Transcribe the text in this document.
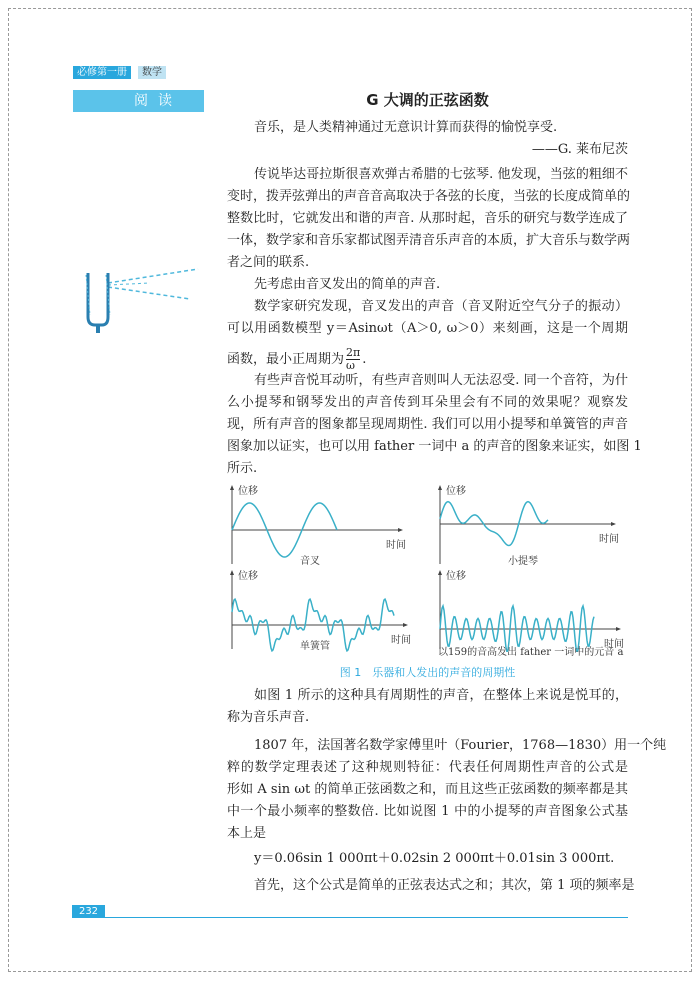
必修第一册	数学
阅读	G 大调的正弦函数
音乐，是人类精神通过无意识计算而获得的愉悦享受.
——G. 莱布尼茨
传说毕达哥拉斯很喜欢弹古希腊的七弦琴. 他发现，当弦的粗细不
变时，拨弄弦弹出的声音音高取决于各弦的长度，当弦的长度成简单的
整数比时，它就发出和谐的声音. 从那时起，音乐的研究与数学连成了
一体，数学家和音乐家都试图弄清音乐声音的本质，扩大音乐与数学两
者之间的联系.
先考虑由音叉发出的简单的声音.
数学家研究发现，音叉发出的声音（音叉附近空气分子的振动）
可以用函数模型 y＝Asinωt（A＞0, ω＞0）来刻画，这是一个周期
函数，最小正周期为 $\frac{2\pi}{\omega}$ .
有些声音悦耳动听，有些声音则叫人无法忍受. 同一个音符，为什
么小提琴和钢琴发出的声音传到耳朵里会有不同的效果呢？观察发
现，所有声音的图象都呈现周期性. 我们可以用小提琴和单簧管的声音
图象加以证实，也可以用 father 一词中 a 的声音的图象来证实，如图 1
所示.
如图 1 所示的这种具有周期性的声音，在整体上来说是悦耳的，
称为音乐声音.
1807 年，法国著名数学家傅里叶（Fourier，1768—1830）用一个纯
粹的数学定理表述了这种规则特征：代表任何周期性声音的公式是
形如 A sin ωt 的简单正弦函数之和，而且这些正弦函数的频率都是其
中一个最小频率的整数倍. 比如说图 1 中的小提琴的声音图象公式基
本上是
y＝0.06sin 1 000πt＋0.02sin 2 000πt＋0.01sin 3 000πt.
首先，这个公式是简单的正弦表达式之和；其次，第 1 项的频率是
位移
时间
音叉
位移
时间
小提琴
位移
时间
单簧管
位移
时间
以159的音高发出 father 一词中的元音 a
图 1　乐器和人发出的声音的周期性
232
